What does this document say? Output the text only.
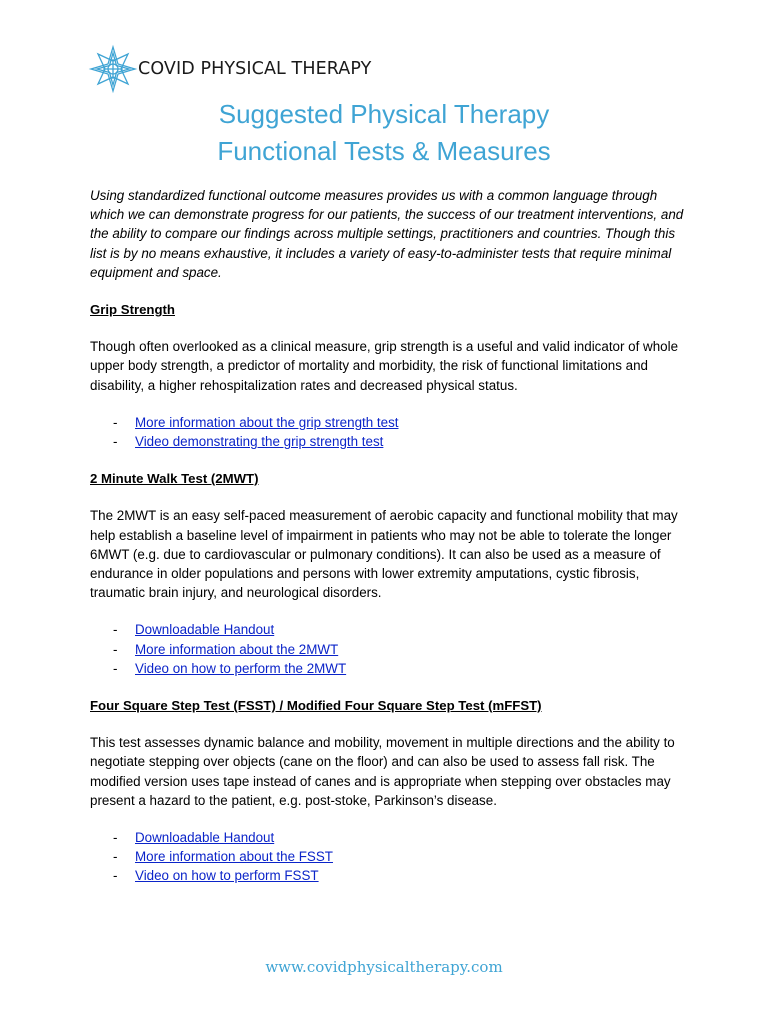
COVID PHYSICAL THERAPY
Suggested Physical Therapy
Functional Tests & Measures

Using standardized functional outcome measures provides us with a common language through which we can demonstrate progress for our patients, the success of our treatment interventions, and the ability to compare our findings across multiple settings, practitioners and countries. Though this list is by no means exhaustive, it includes a variety of easy-to-administer tests that require minimal equipment and space.

Grip Strength

Though often overlooked as a clinical measure, grip strength is a useful and valid indicator of whole upper body strength, a predictor of mortality and morbidity, the risk of functional limitations and disability, a higher rehospitalization rates and decreased physical status.

- More information about the grip strength test
- Video demonstrating the grip strength test
2 Minute Walk Test (2MWT)

The 2MWT is an easy self-paced measurement of aerobic capacity and functional mobility that may help establish a baseline level of impairment in patients who may not be able to tolerate the longer 6MWT (e.g. due to cardiovascular or pulmonary conditions). It can also be used as a measure of endurance in older populations and persons with lower extremity amputations, cystic fibrosis, traumatic brain injury, and neurological disorders.

- Downloadable Handout
- More information about the 2MWT
- Video on how to perform the 2MWT
Four Square Step Test (FSST) / Modified Four Square Step Test (mFFST)

This test assesses dynamic balance and mobility, movement in multiple directions and the ability to negotiate stepping over objects (cane on the floor) and can also be used to assess fall risk. The modified version uses tape instead of canes and is appropriate when stepping over obstacles may present a hazard to the patient, e.g. post-stoke, Parkinson’s disease.

- Downloadable Handout
- More information about the FSST
- Video on how to perform FSST
www.covidphysicaltherapy.com
